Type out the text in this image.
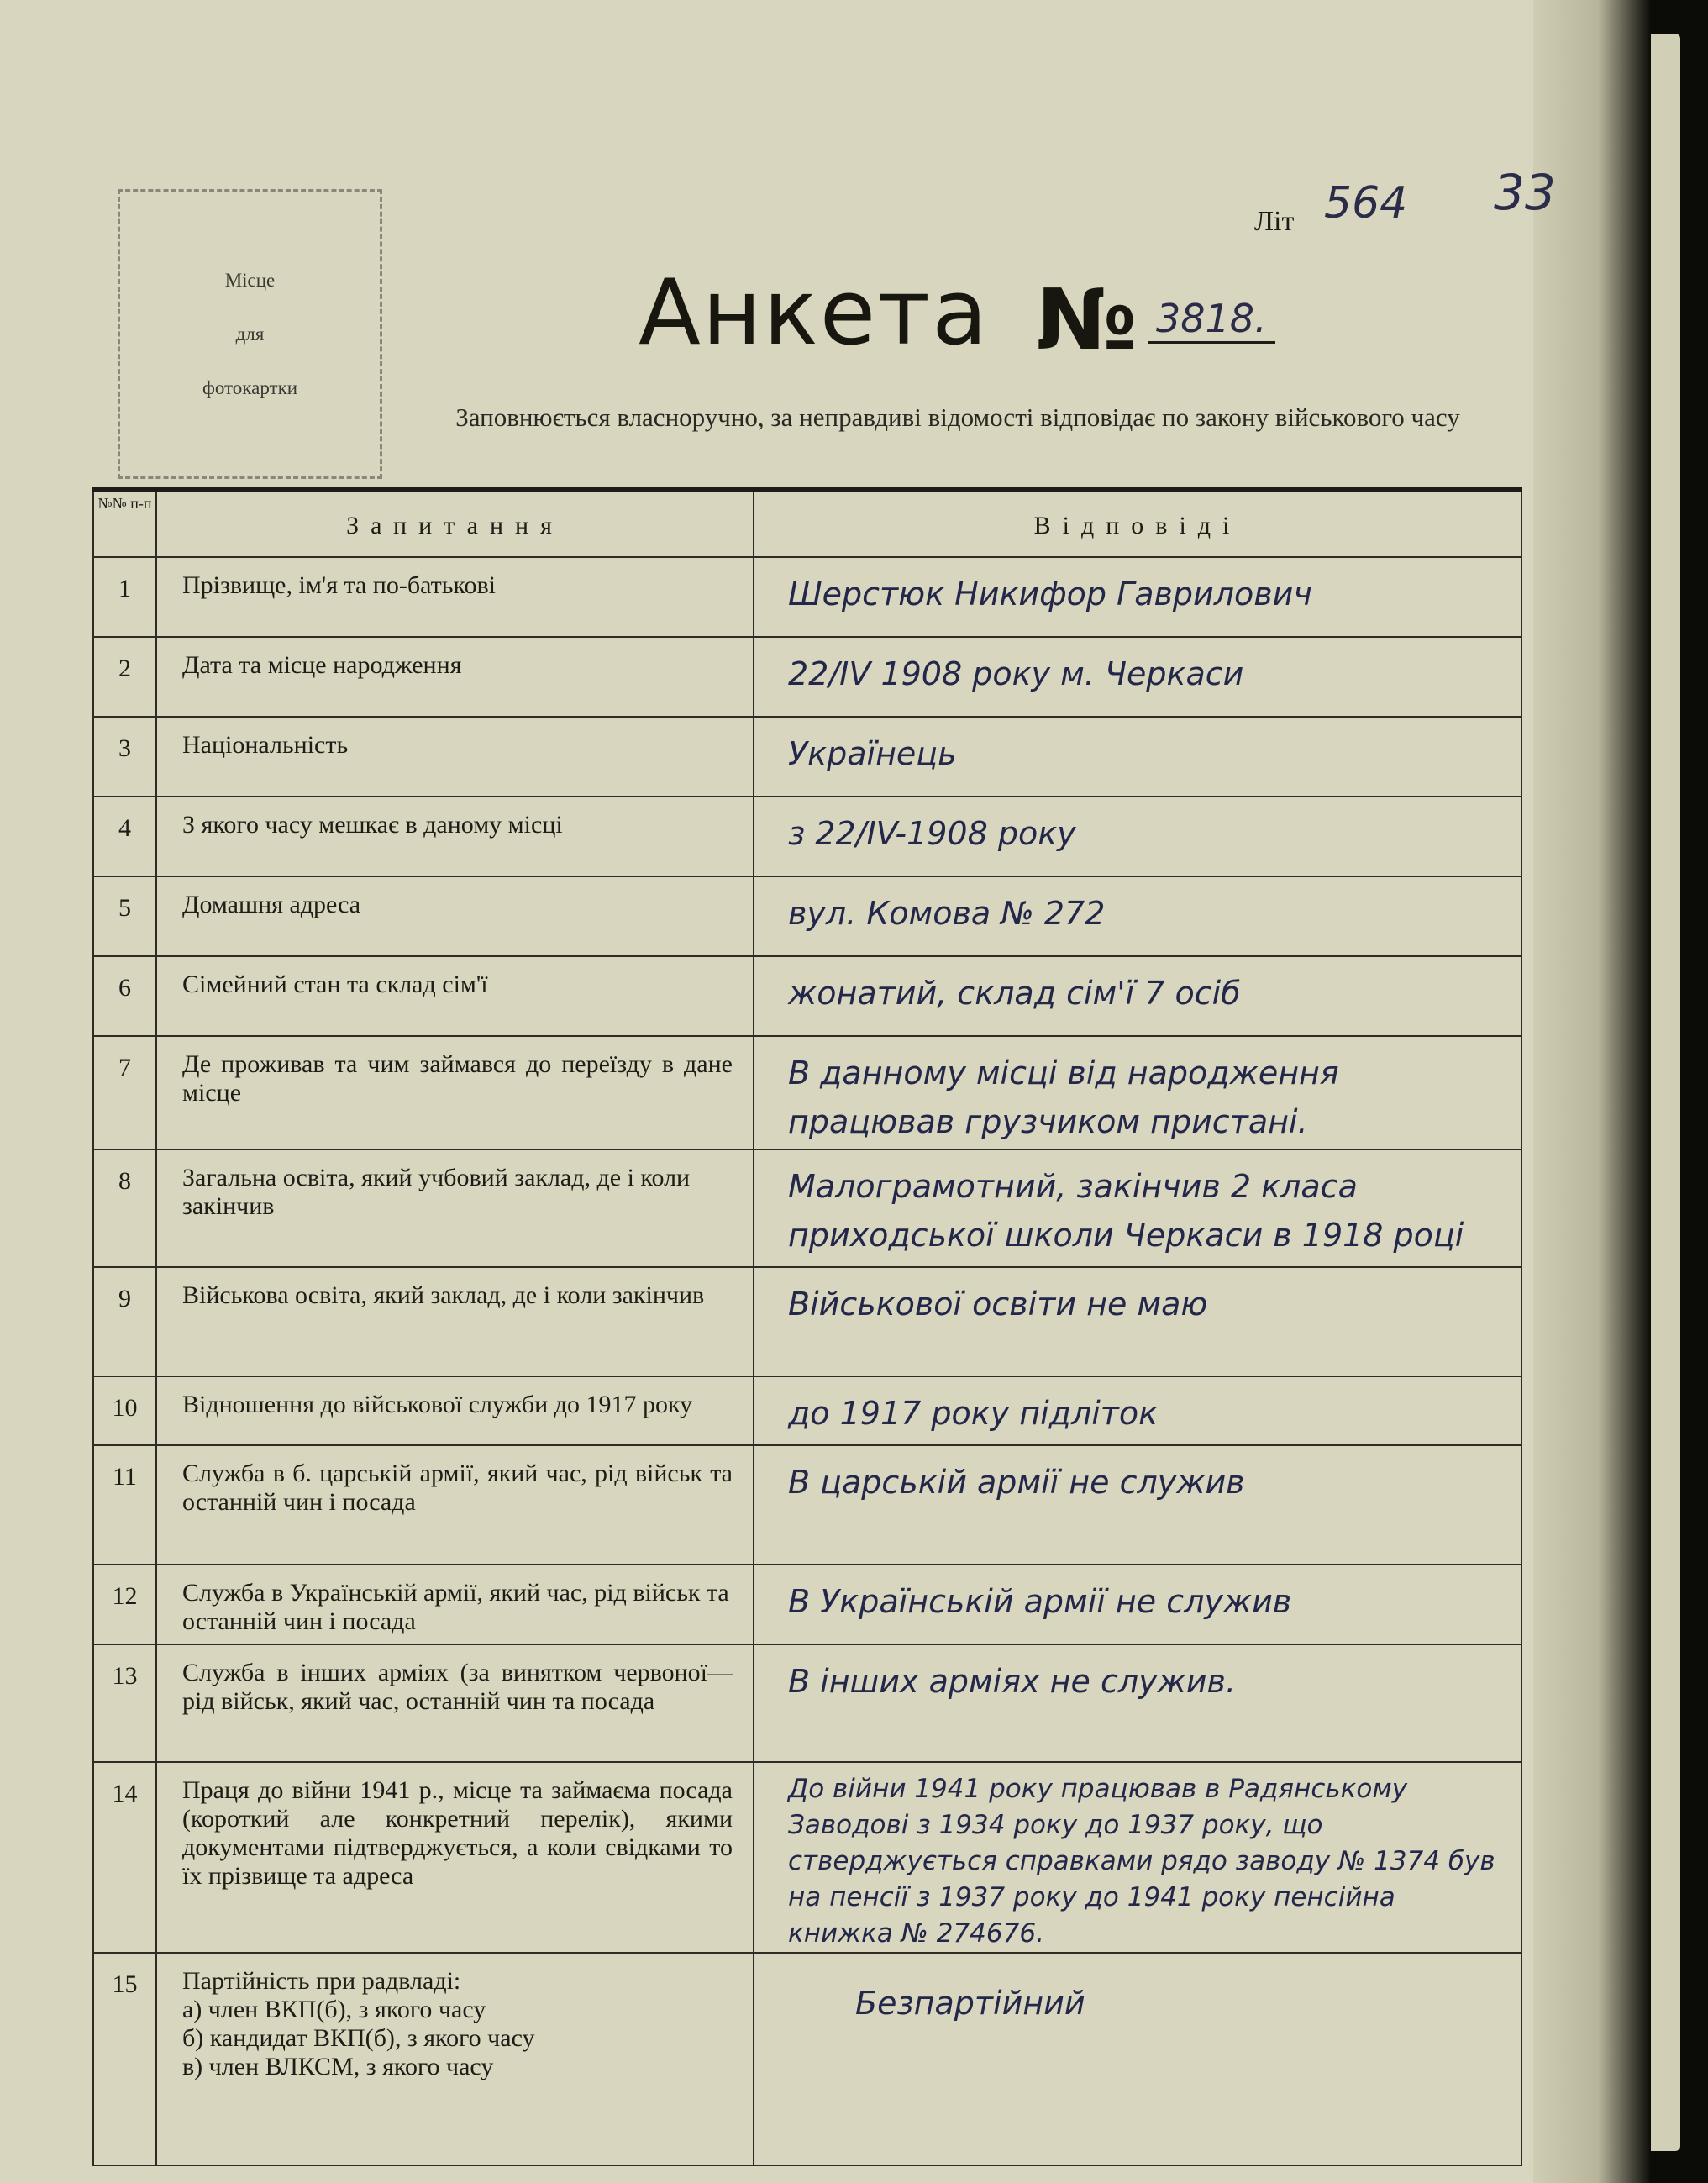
Місце
для
фотокартки
Літ 564 33
Анкета № 3818.
Заповнюється власноручно, за неправдиві відомості відповідає по закону військового часу
№№ п-п	Запитання	Відповіді
1	Прізвище, ім'я та по-батькові	Шерстюк Никифор Гаврилович
2	Дата та місце народження	22/IV 1908 року м. Черкаси
3	Національність	Українець
4	З якого часу мешкає в даному місці	з 22/IV-1908 року
5	Домашня адреса	вул. Комова № 272
6	Сімейний стан та склад сім'ї	жонатий, склад сім'ї 7 осіб
7	Де проживав та чим займався до переїзду в дане місце	В данному місці від народження працював грузчиком пристані.
8	Загальна освіта, який учбовий заклад, де і коли закінчив	Малограмотний, закінчив 2 класа приходської школи Черкаси в 1918 році
9	Військова освіта, який заклад, де і коли закінчив	Військової освіти не маю
10	Відношення до військової служби до 1917 року	до 1917 року підліток
11	Служба в б. царській армії, який час, рід військ та останній чин і посада	В царській армії не служив
12	Служба в Українській армії, який час, рід військ та останній чин і посада	В Українській армії не служив
13	Служба в інших арміях (за винятком червоної—рід військ, який час, останній чин та посада	В інших арміях не служив.
14	Праця до війни 1941 р., місце та займаєма посада (короткий але конкретний перелік), якими документами підтверджується, а коли свідками то їх прізвище та адреса	До війни 1941 року працював в Радянському Заводові з 1934 року до 1937 року, що стверджується справками рядо заводу № 1374 був на пенсії з 1937 року до 1941 року пенсійна книжка № 274676.
15	Партійність при радвладі:
а) член ВКП(б), з якого часу
б) кандидат ВКП(б), з якого часу
в) член ВЛКСМ, з якого часу	Безпартійний
